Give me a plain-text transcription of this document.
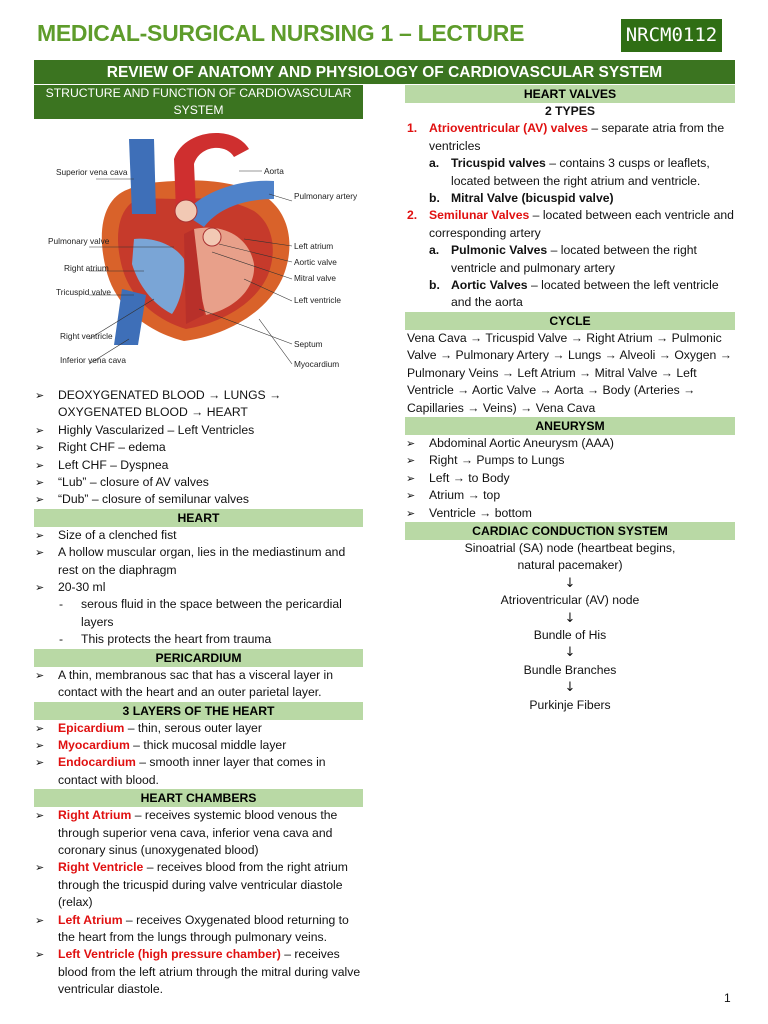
MEDICAL-SURGICAL NURSING 1 – LECTURE	NRCM0112
REVIEW OF ANATOMY AND PHYSIOLOGY OF CARDIOVASCULAR SYSTEM
STRUCTURE AND FUNCTION OF CARDIOVASCULAR SYSTEM
Superior vena cava	Aorta
Pulmonary artery
Pulmonary valve	Left atrium
Aortic valve
Right atrium
Mitral valve
Tricuspid valve
Left ventricle
Right ventricle
Septum
Inferior vena cava	Myocardium
➢ DEOXYGENATED BLOOD → LUNGS → OXYGENATED BLOOD → HEART
➢ Highly Vascularized – Left Ventricles
➢ Right CHF – edema
➢ Left CHF – Dyspnea
➢ “Lub” – closure of AV valves
➢ “Dub” – closure of semilunar valves
HEART
➢ Size of a clenched fist
➢ A hollow muscular organ, lies in the mediastinum and rest on the diaphragm
➢ 20-30 ml
- serous fluid in the space between the pericardial layers
- This protects the heart from trauma
PERICARDIUM
➢ A thin, membranous sac that has a visceral layer in contact with the heart and an outer parietal layer.
3 LAYERS OF THE HEART
➢ Epicardium – thin, serous outer layer
➢ Myocardium – thick mucosal middle layer
➢ Endocardium – smooth inner layer that comes in contact with blood.
HEART CHAMBERS
➢ Right Atrium – receives systemic blood venous the through superior vena cava, inferior vena cava and coronary sinus (unoxygenated blood)
➢ Right Ventricle – receives blood from the right atrium through the tricuspid during valve ventricular diastole (relax)
➢ Left Atrium – receives Oxygenated blood returning to the heart from the lungs through pulmonary veins.
➢ Left Ventricle (high pressure chamber) – receives blood from the left atrium through the mitral during valve ventricular diastole.
HEART VALVES
2 TYPES
1. Atrioventricular (AV) valves – separate atria from the ventricles
a. Tricuspid valves – contains 3 cusps or leaflets, located between the right atrium and ventricle.
b. Mitral Valve (bicuspid valve)
2. Semilunar Valves – located between each ventricle and corresponding artery
a. Pulmonic Valves – located between the right ventricle and pulmonary artery
b. Aortic Valves – located between the left ventricle and the aorta
CYCLE
Vena Cava → Tricuspid Valve → Right Atrium → Pulmonic Valve → Pulmonary Artery → Lungs → Alveoli → Oxygen → Pulmonary Veins → Left Atrium → Mitral Valve → Left Ventricle → Aortic Valve → Aorta → Body (Arteries → Capillaries → Veins) → Vena Cava
ANEURYSM
➢ Abdominal Aortic Aneurysm (AAA)
➢ Right → Pumps to Lungs
➢ Left → to Body
➢ Atrium → top
➢ Ventricle → bottom
CARDIAC CONDUCTION SYSTEM
Sinoatrial (SA) node (heartbeat begins, natural pacemaker)
↓
Atrioventricular (AV) node
↓
Bundle of His
↓
Bundle Branches
↓
Purkinje Fibers
1
